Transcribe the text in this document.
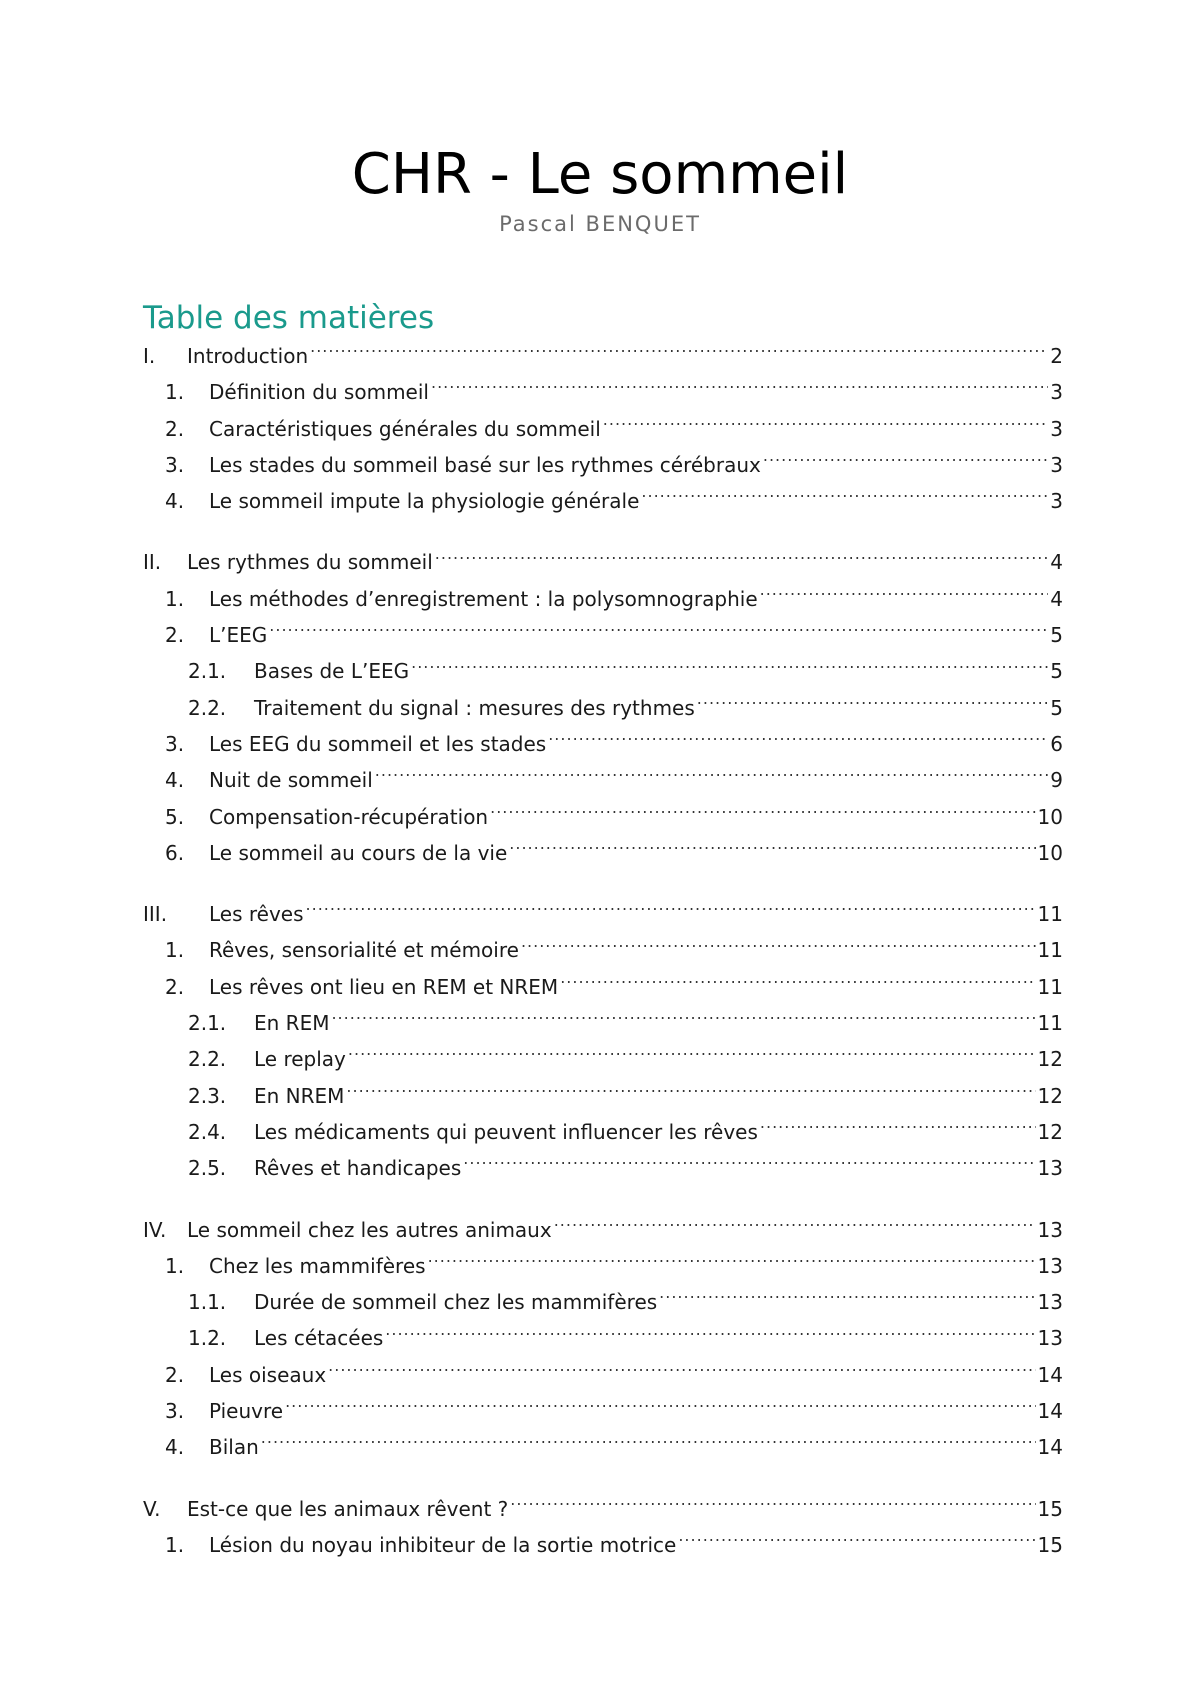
CHR - Le sommeil
Pascal BENQUET
Table des matières
I.	Introduction .....	2
1.	Définition du sommeil .....	3
2.	Caractéristiques générales du sommeil .....	3
3.	Les stades du sommeil basé sur les rythmes cérébraux .....	3
4.	Le sommeil impute la physiologie générale .....	3
II.	Les rythmes du sommeil .....	4
1.	Les méthodes d’enregistrement : la polysomnographie .....	4
2.	L’EEG .....	5
2.1.	Bases de L’EEG .....	5
2.2.	Traitement du signal : mesures des rythmes .....	5
3.	Les EEG du sommeil et les stades .....	6
4.	Nuit de sommeil .....	9
5.	Compensation-récupération .....	10
6.	Le sommeil au cours de la vie .....	10
III.	Les rêves .....	11
1.	Rêves, sensorialité et mémoire .....	11
2.	Les rêves ont lieu en REM et NREM .....	11
2.1.	En REM .....	11
2.2.	Le replay .....	12
2.3.	En NREM .....	12
2.4.	Les médicaments qui peuvent influencer les rêves .....	12
2.5.	Rêves et handicapes .....	13
IV.	Le sommeil chez les autres animaux .....	13
1.	Chez les mammifères .....	13
1.1.	Durée de sommeil chez les mammifères .....	13
1.2.	Les cétacées .....	13
2.	Les oiseaux .....	14
3.	Pieuvre .....	14
4.	Bilan .....	14
V.	Est-ce que les animaux rêvent ? .....	15
1.	Lésion du noyau inhibiteur de la sortie motrice .....	15
